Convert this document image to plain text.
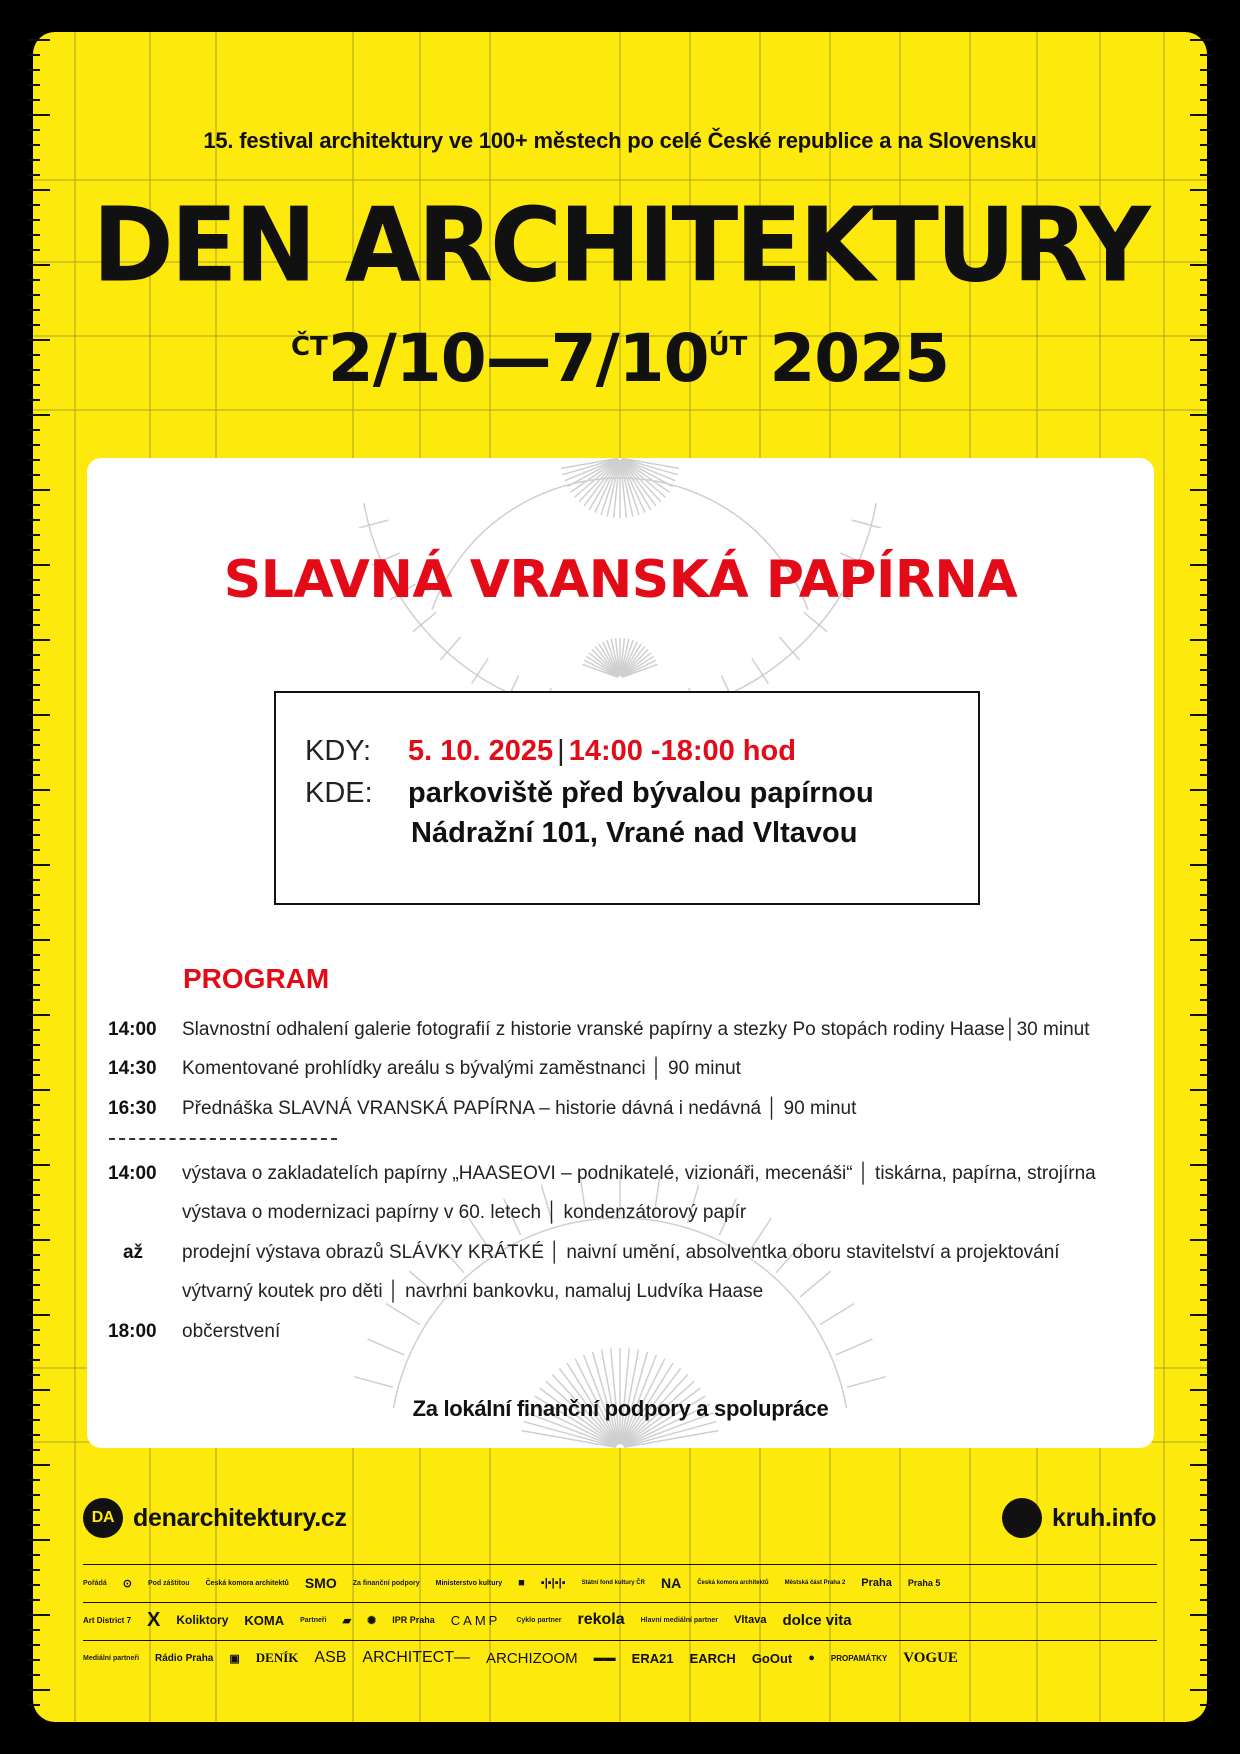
15. festival architektury ve 100+ městech po celé České republice a na Slovensku
DEN ARCHITEKTURY
$^{ČT}2/10—7/10^{ÚT}$ 2025
SLAVNÁ VRANSKÁ PAPÍRNA
KDY: 5. 10. 2025 | 14:00 -18:00 hod
KDE: parkoviště před bývalou papírnou
Nádražní 101, Vrané nad Vltavou
PROGRAM
14:00 Slavnostní odhalení galerie fotografií z historie vranské papírny a stezky Po stopách rodiny Haase│30 minut
14:30 Komentované prohlídky areálu s bývalými zaměstnanci │ 90 minut
16:30 Přednáška SLAVNÁ VRANSKÁ PAPÍRNA – historie dávná i nedávná │ 90 minut
14:00 výstava o zakladatelích papírny „HAASEOVI – podnikatelé, vizionáři, mecenáši“ │ tiskárna, papírna, strojírna
výstava o modernizaci papírny v 60. letech │ kondenzátorový papír
až	prodejní výstava obrazů SLÁVKY KRÁTKÉ │ naivní umění, absolventka oboru stavitelství a projektování
výtvarný koutek pro děti │ navrhni bankovku, namaluj Ludvíka Haase
18:00 občerstvení
Za lokální finanční podpory a spolupráce
DA denarchitektury.cz	kruh.info
Pořádá ⊙ Pod záštitou Česká komora architektů SMO Za finanční podpory Ministerstvo kultury ■ ▪|▪|▪|▪	Státní fond kultury ČR NA	Česká komora architektů	Městská část Praha 2 Praha Praha 5
Art District 7 X Koliktory KOMA Partneři ▰ ✺ IPR Praha CAMP Cyklo partner rekola Hlavní mediální partner Vltava dolce vita
Mediální partneři Rádio Praha ▣ DENÍK ASB ARCHITECT— ARCHIZOOM ▬▬ ERA21 EARCH GoOut ● PROPAMÁTKY VOGUE
